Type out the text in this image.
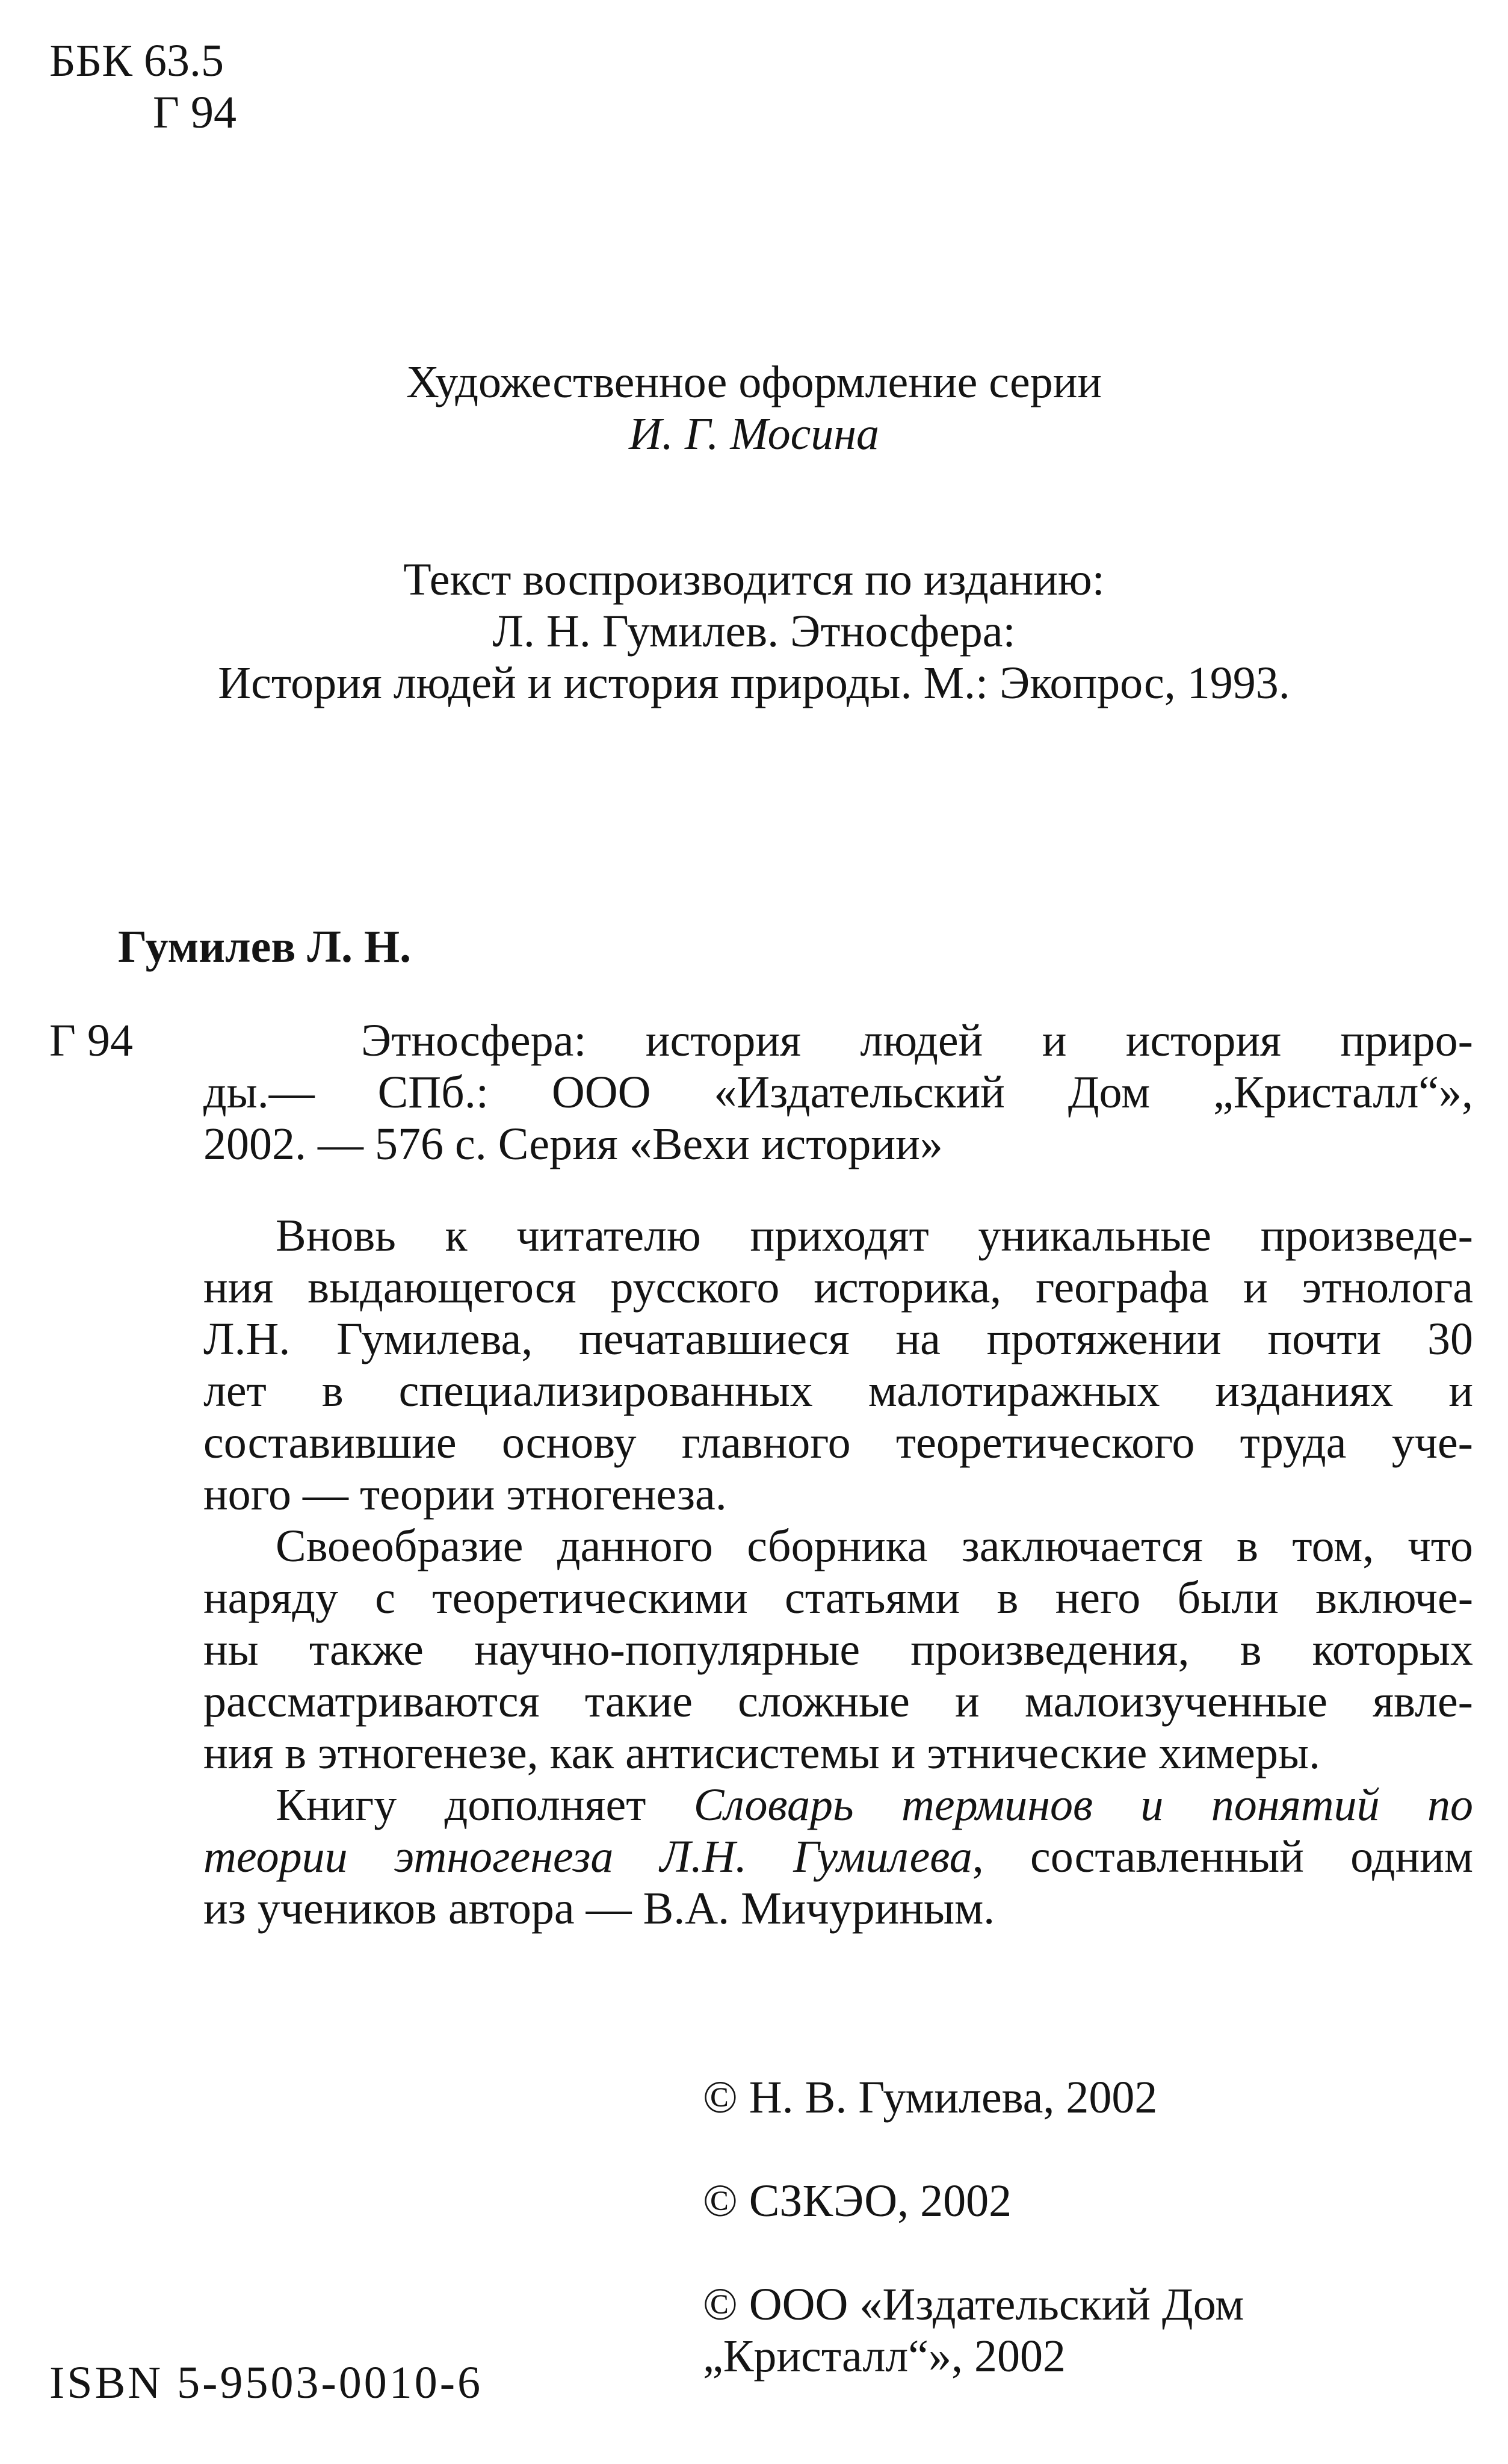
ББК 63.5
Г 94
Художественное оформление серии
И. Г. Мосина
Текст воспроизводится по изданию:
Л. Н. Гумилев. Этносфера:
История людей и история природы. М.: Экопрос, 1993.
Гумилев Л. Н.
Г 94	Этносфера: история людей и история приро-
ды.— СПб.: ООО «Издательский Дом „Кристалл“»,
2002. — 576 с. Серия «Вехи истории»
Вновь к читателю приходят уникальные произведе-
ния выдающегося русского историка, географа и этнолога
Л.Н. Гумилева, печатавшиеся на протяжении почти 30
лет в специализированных малотиражных изданиях и
составившие основу главного теоретического труда уче-
ного — теории этногенеза.
Своеобразие данного сборника заключается в том, что
наряду с теоретическими статьями в него были включе-
ны также научно-популярные произведения, в которых
рассматриваются такие сложные и малоизученные явле-
ния в этногенезе, как антисистемы и этнические химеры.
Книгу дополняет Словарь терминов и понятий по
теории этногенеза Л.Н. Гумилева, составленный одним
из учеников автора — В.А. Мичуриным.
© Н. В. Гумилева, 2002
© СЗКЭО, 2002
© ООО «Издательский Дом
„Кристалл“», 2002
ISBN 5-9503-0010-6
